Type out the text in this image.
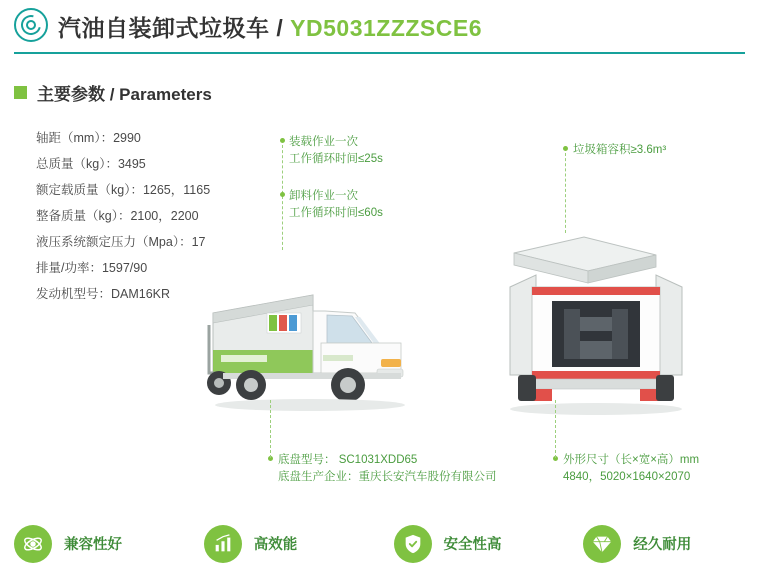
汽油自装卸式垃圾车 / YD5031ZZZSCE6
主要参数 / Parameters
轴距（mm）：2990
总质量（kg）：3495
额定载质量（kg）：1265，1165
整备质量（kg）：2100，2200
液压系统额定压力（Mpa）：17
排量/功率：1597/90
发动机型号：DAM16KR
装载作业一次
工作循环时间≤25s
卸料作业一次
工作循环时间≤60s
垃圾箱容积≥3.6m³
底盘型号： SC1031XDD65
底盘生产企业：重庆长安汽车股份有限公司
外形尺寸（长×宽×高）mm
4840，5020×1640×2070
兼容性好	高效能	安全性高	经久耐用
